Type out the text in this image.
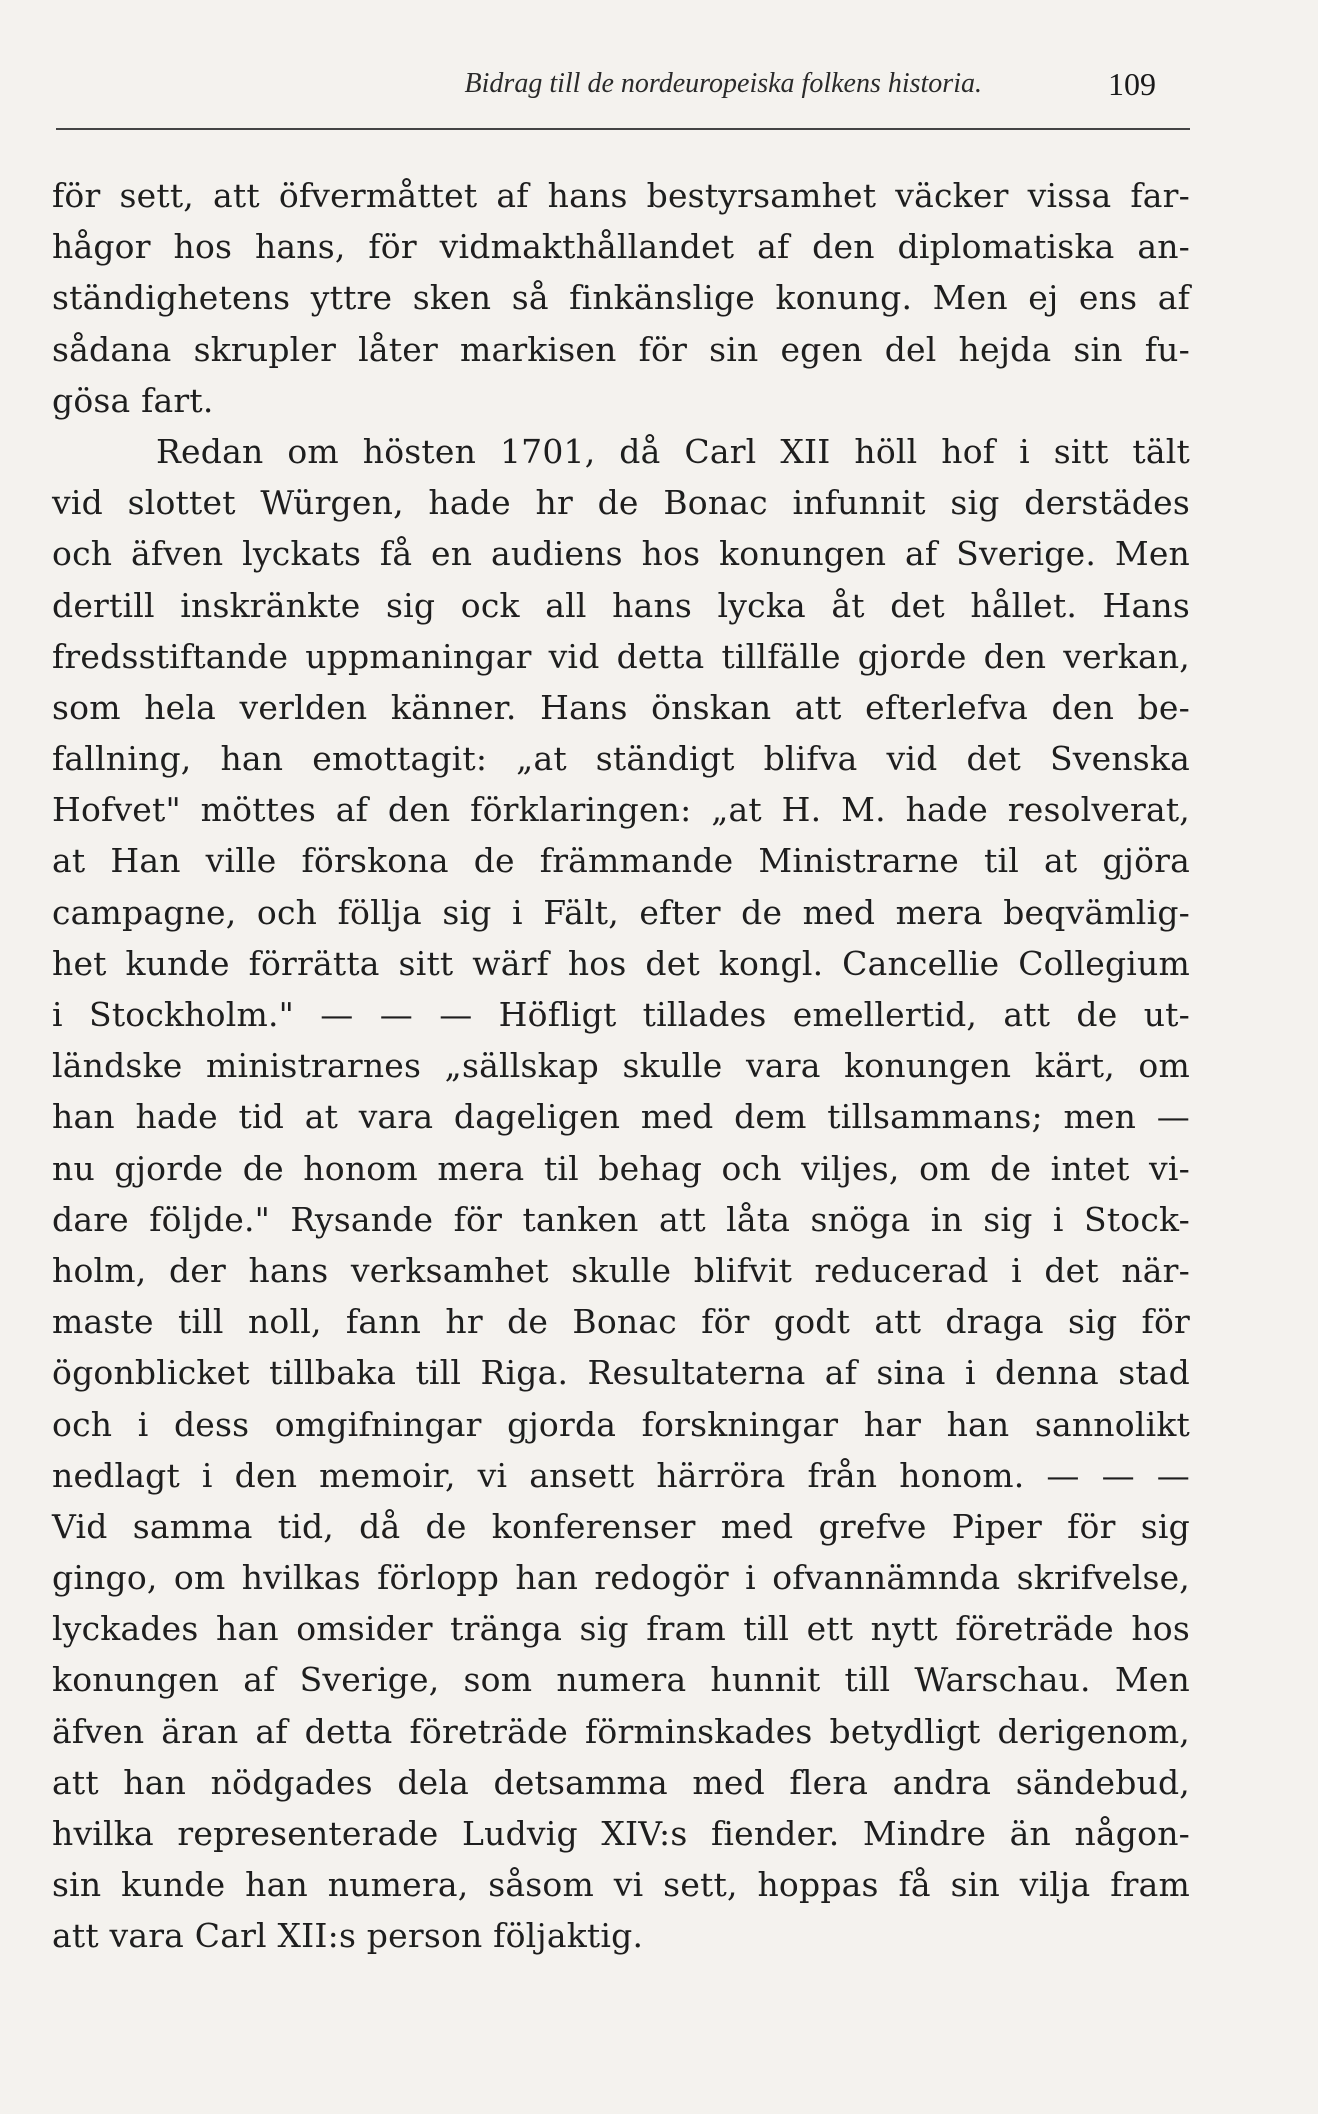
Bidrag till de nordeuropeiska folkens historia.	109
för sett, att öfvermåttet af hans bestyrsamhet väcker vissa far-
hågor hos hans, för vidmakthållandet af den diplomatiska an-
ständighetens yttre sken så finkänslige konung. Men ej ens af
sådana skrupler låter markisen för sin egen del hejda sin fu-
gösa fart.
Redan om hösten 1701, då Carl XII höll hof i sitt tält
vid slottet Würgen, hade hr de Bonac infunnit sig derstädes
och äfven lyckats få en audiens hos konungen af Sverige. Men
dertill inskränkte sig ock all hans lycka åt det hållet. Hans
fredsstiftande uppmaningar vid detta tillfälle gjorde den verkan,
som hela verlden känner. Hans önskan att efterlefva den be-
fallning, han emottagit: „at ständigt blifva vid det Svenska
Hofvet" möttes af den förklaringen: „at H. M. hade resolverat,
at Han ville förskona de främmande Ministrarne til at gjöra
campagne, och föllja sig i Fält, efter de med mera beqvämlig-
het kunde förrätta sitt wärf hos det kongl. Cancellie Collegium
i Stockholm." — — — Höfligt tillades emellertid, att de ut-
ländske ministrarnes „sällskap skulle vara konungen kärt, om
han hade tid at vara dageligen med dem tillsammans; men —
nu gjorde de honom mera til behag och viljes, om de intet vi-
dare följde." Rysande för tanken att låta snöga in sig i Stock-
holm, der hans verksamhet skulle blifvit reducerad i det när-
maste till noll, fann hr de Bonac för godt att draga sig för
ögonblicket tillbaka till Riga. Resultaterna af sina i denna stad
och i dess omgifningar gjorda forskningar har han sannolikt
nedlagt i den memoir, vi ansett härröra från honom. — — —
Vid samma tid, då de konferenser med grefve Piper för sig
gingo, om hvilkas förlopp han redogör i ofvannämnda skrifvelse,
lyckades han omsider tränga sig fram till ett nytt företräde hos
konungen af Sverige, som numera hunnit till Warschau. Men
äfven äran af detta företräde förminskades betydligt derigenom,
att han nödgades dela detsamma med flera andra sändebud,
hvilka representerade Ludvig XIV:s fiender. Mindre än någon-
sin kunde han numera, såsom vi sett, hoppas få sin vilja fram
att vara Carl XII:s person följaktig.
